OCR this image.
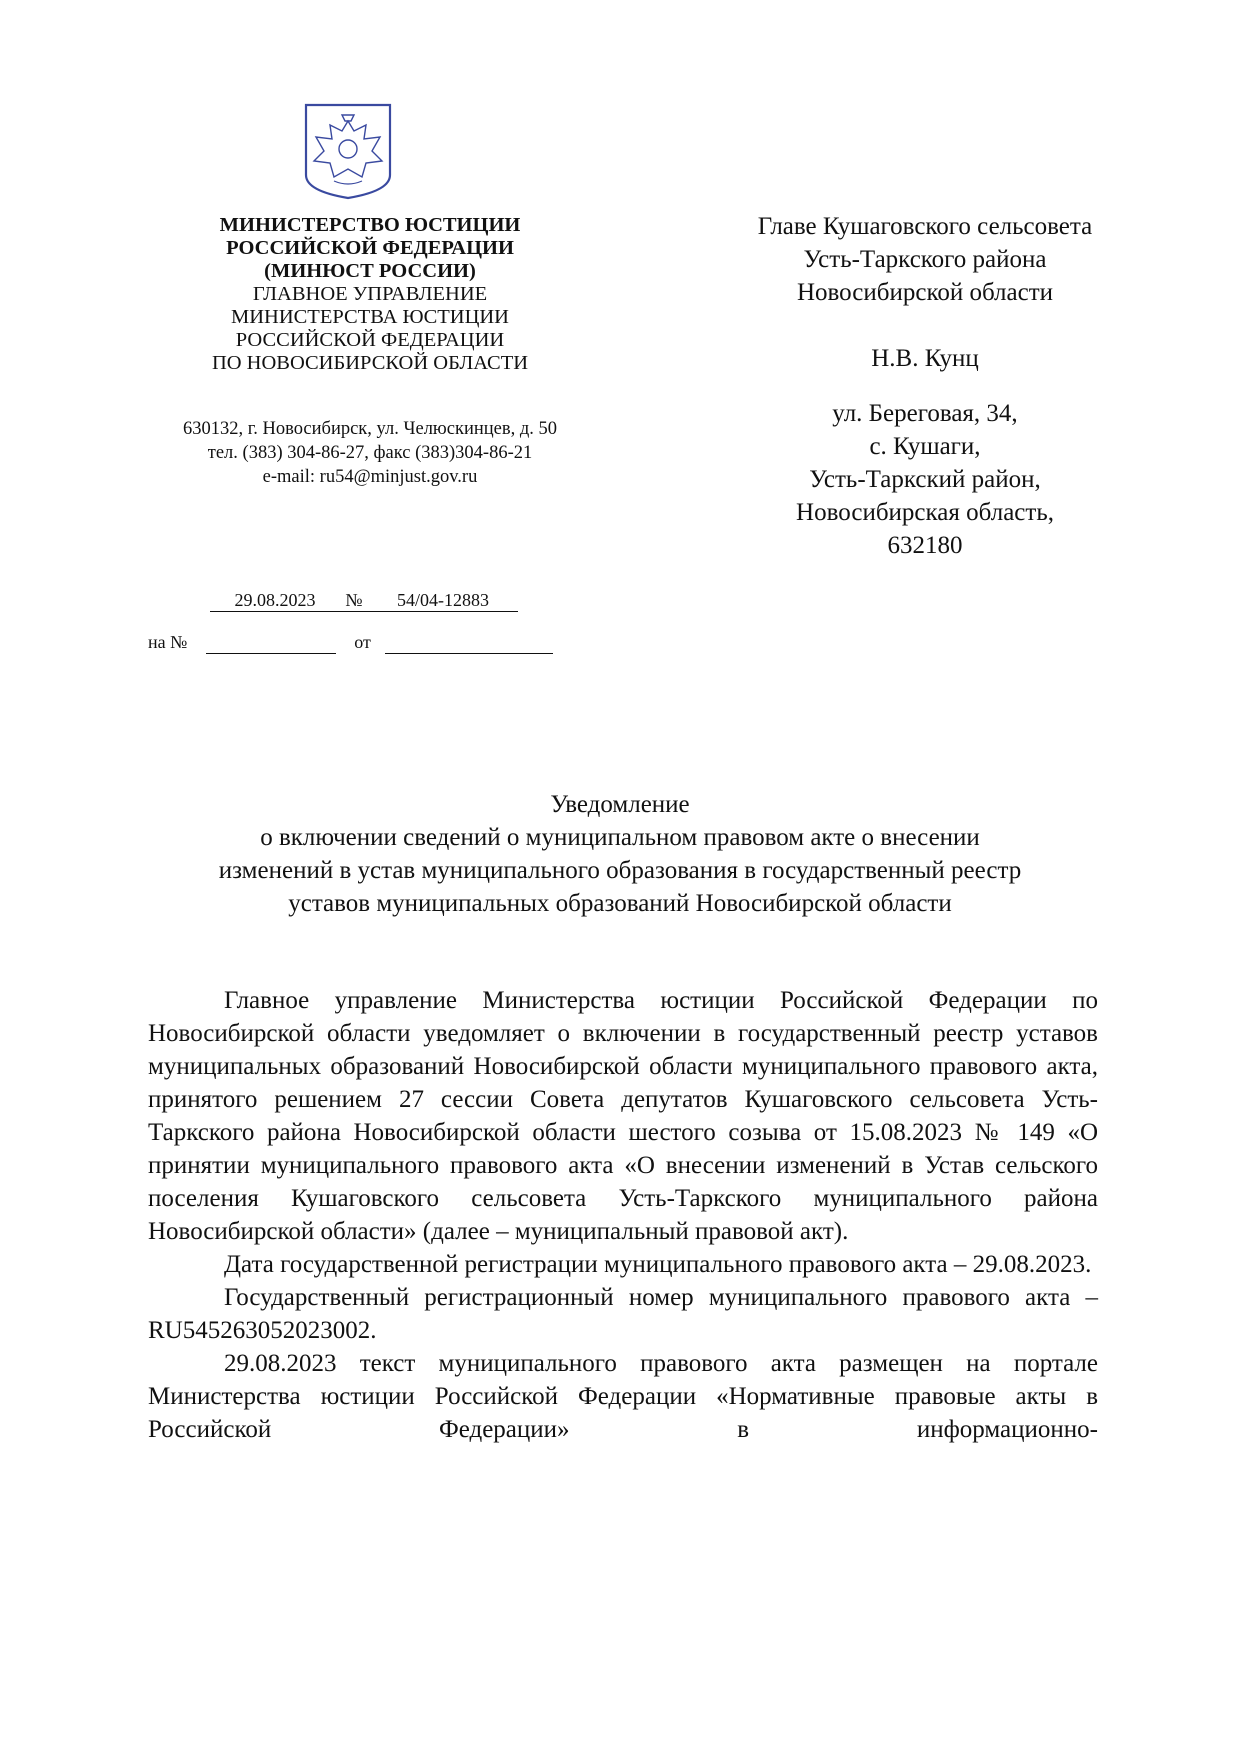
МИНИСТЕРСТВО ЮСТИЦИИ
РОССИЙСКОЙ ФЕДЕРАЦИИ
(МИНЮСТ РОССИИ)
ГЛАВНОЕ УПРАВЛЕНИЕ
МИНИСТЕРСТВА ЮСТИЦИИ
РОССИЙСКОЙ ФЕДЕРАЦИИ
ПО НОВОСИБИРСКОЙ ОБЛАСТИ
630132, г. Новосибирск, ул. Челюскинцев, д. 50
тел. (383) 304-86-27, факс (383)304-86-21
e-mail: ru54@minjust.gov.ru
29.08.2023 № 54/04-12883
на №	от
Главе Кушаговского сельсовета
Усть-Таркского района
Новосибирской области
Н.В. Кунц
ул. Береговая, 34,
с. Кушаги,
Усть-Таркский район,
Новосибирская область,
632180
Уведомление
о включении сведений о муниципальном правовом акте о внесении
изменений в устав муниципального образования в государственный реестр
уставов муниципальных образований Новосибирской области

Главное управление Министерства юстиции Российской Федерации по Новосибирской области уведомляет о включении в государственный реестр уставов муниципальных образований Новосибирской области муниципального правового акта, принятого решением 27 сессии Совета депутатов Кушаговского сельсовета Усть-Таркского района Новосибирской области шестого созыва от 15.08.2023 № 149 «О принятии муниципального правового акта «О внесении изменений в Устав сельского поселения Кушаговского сельсовета Усть-Таркского муниципального района Новосибирской области» (далее – муниципальный правовой акт).

Дата государственной регистрации муниципального правового акта – 29.08.2023.

Государственный регистрационный номер муниципального правового акта – RU545263052023002.

29.08.2023 текст муниципального правового акта размещен на портале Министерства юстиции Российской Федерации «Нормативные правовые акты в Российской Федерации» в информационно-
